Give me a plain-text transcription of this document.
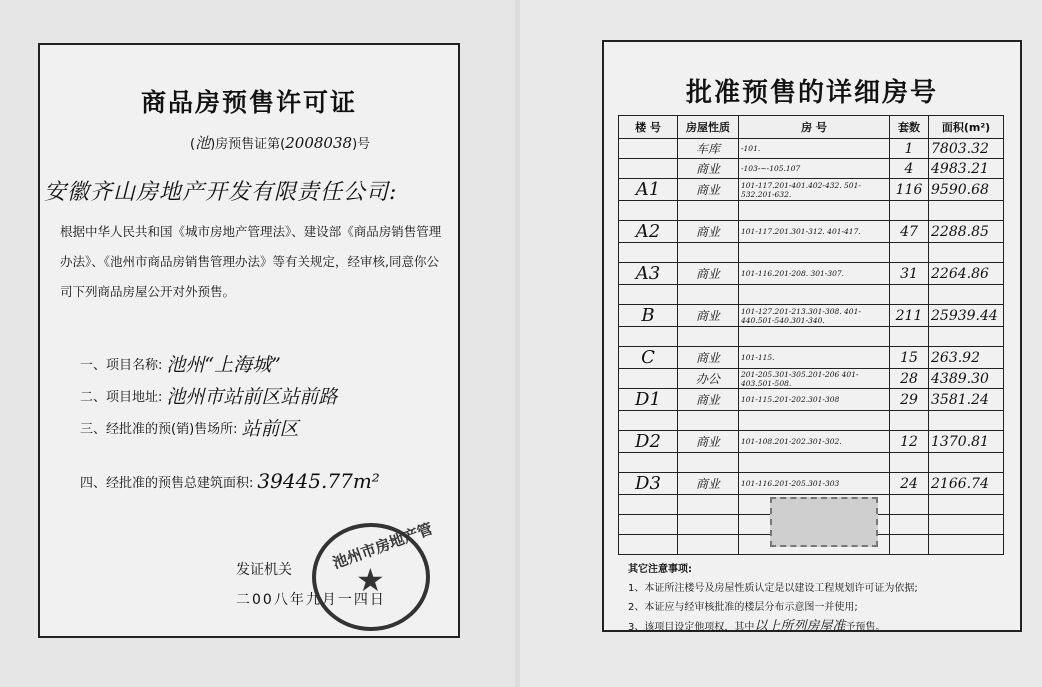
商品房预售许可证
(池)房预售证第(2008038)号
安徽齐山房地产开发有限责任公司:
根据中华人民共和国《城市房地产管理法》、建设部《商品房销售管理办法》、《池州市商品房销售管理办法》等有关规定，经审核,同意你公司下列商品房屋公开对外预售。
一、项目名称: 池州“上海城”
二、项目地址: 池州市站前区站前路
三、经批准的预(销)售场所: 站前区
四、经批准的预售总建筑面积: 39445.77m²
发证机关
二00八年九月一四日
池州市房地产管
★
批准预售的详细房号
楼 号	房屋性质	房 号	套数	面积(m²)
	车库	-101.	1	7803.32
	商业	-103-~-105.107	4	4983.21
A1	商业	101-117.201-401.402-432. 501-532.201-632.	116	9590.68

A2	商业	101-117.201.301-312. 401-417.	47	2288.85

A3	商业	101-116.201-208. 301-307.	31	2264.86

B	商业	101-127.201-213.301-308. 401-440.501-540.301-340.	211	25939.44

C	商业	101-115.	15	263.92
	办公	201-205.301-305.201-206 401-403.501-508.	28	4389.30
D1	商业	101-115.201-202.301-308	29	3581.24

D2	商业	101-108.201-202.301-302.	12	1370.81

D3	商业	101-116.201-205.301-303	24	2166.74

其它注意事项:
1、本证所注楼号及房屋性质认定是以建设工程规划许可证为依据;
2、本证应与经审核批准的楼层分布示意图一并使用;
3、该项目设定他项权，其中以上所列房屋准予预售。
